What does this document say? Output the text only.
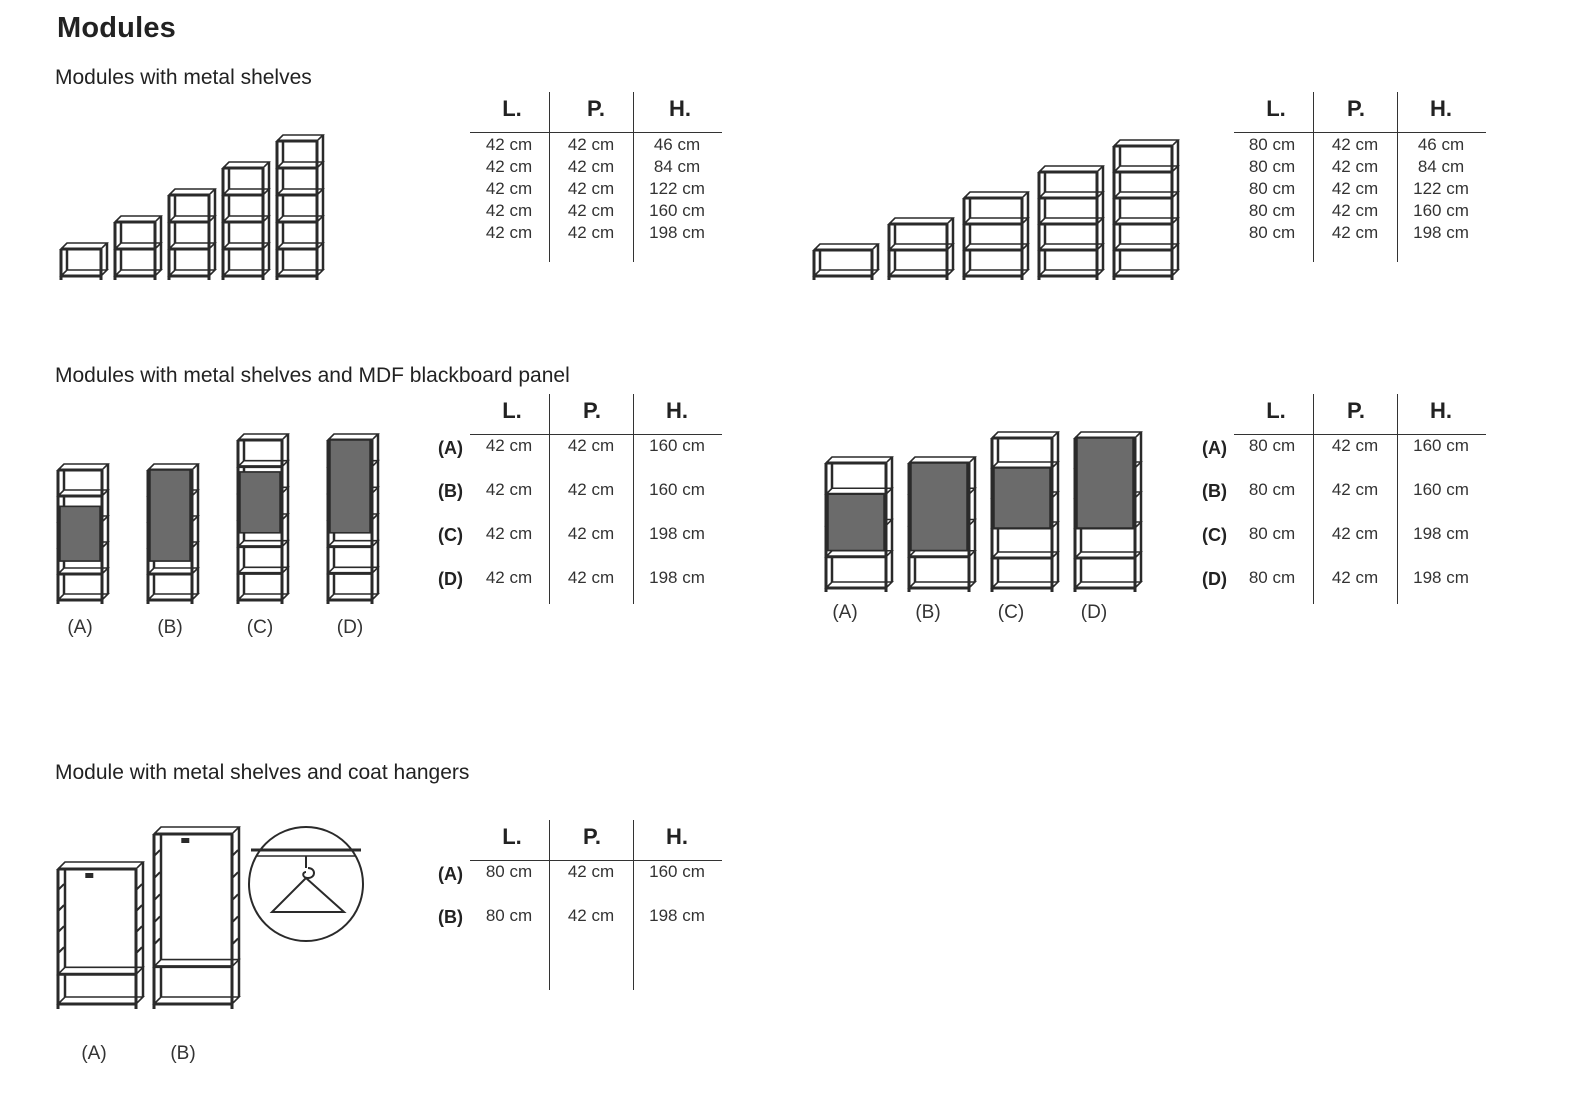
Modules
Modules with metal shelves
L.	P.	H.
42 cm	42 cm	46 cm
42 cm	42 cm	84 cm
42 cm	42 cm	122 cm
42 cm	42 cm	160 cm
42 cm	42 cm	198 cm
L.	P.	H.
80 cm	42 cm	46 cm
80 cm	42 cm	84 cm
80 cm	42 cm	122 cm
80 cm	42 cm	160 cm
80 cm	42 cm	198 cm
Modules with metal shelves and MDF blackboard panel
(A)	(B)	(C)	(D)
(A)	(B)	(C)	(D)
L.	P.	H.
(A)	42 cm	42 cm	160 cm
(B)	42 cm	42 cm	160 cm
(C)	42 cm	42 cm	198 cm
(D)	42 cm	42 cm	198 cm
L.	P.	H.
(A)	80 cm	42 cm	160 cm
(B)	80 cm	42 cm	160 cm
(C)	80 cm	42 cm	198 cm
(D)	80 cm	42 cm	198 cm
Module with metal shelves and coat hangers
(A)	(B)
L.	P.	H.
(A)	80 cm	42 cm	160 cm
(B)	80 cm	42 cm	198 cm
